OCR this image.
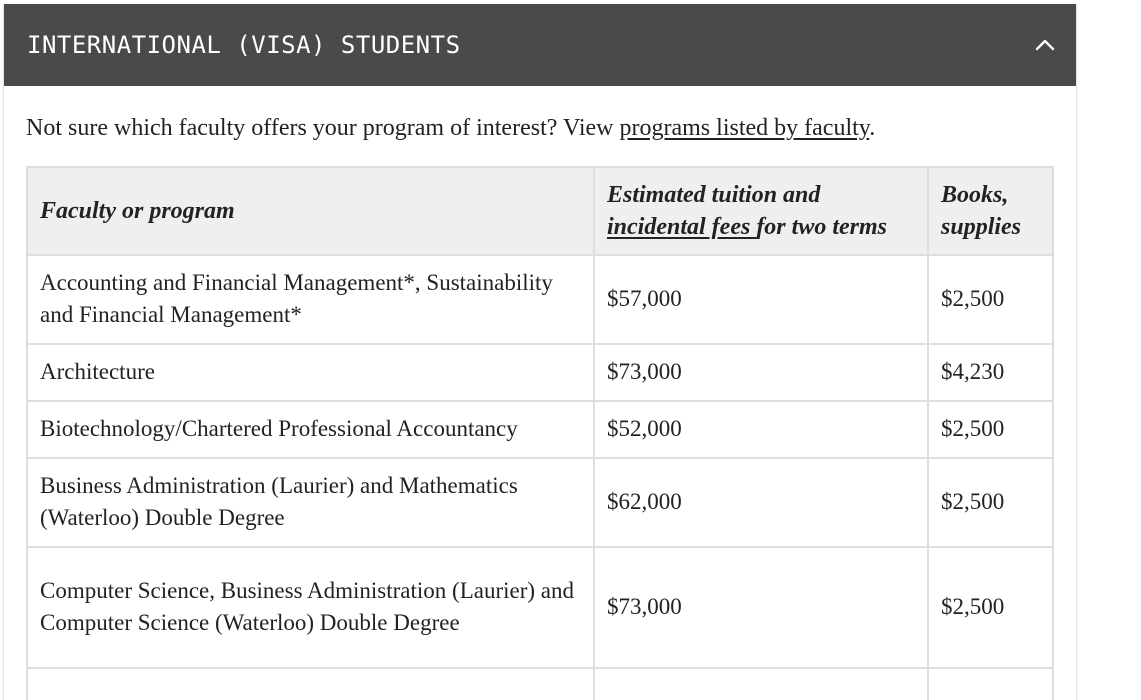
INTERNATIONAL (VISA) STUDENTS

Not sure which faculty offers your program of interest? View programs listed by faculty.

Faculty or program	Estimated tuition and incidental fees for two terms	Books, supplies
Accounting and Financial Management*, Sustainability and Financial Management*	$57,000	$2,500
Architecture	$73,000	$4,230
Biotechnology/Chartered Professional Accountancy	$52,000	$2,500
Business Administration (Laurier) and Mathematics (Waterloo) Double Degree	$62,000	$2,500
Computer Science, Business Administration (Laurier) and Computer Science (Waterloo) Double Degree	$73,000	$2,500
